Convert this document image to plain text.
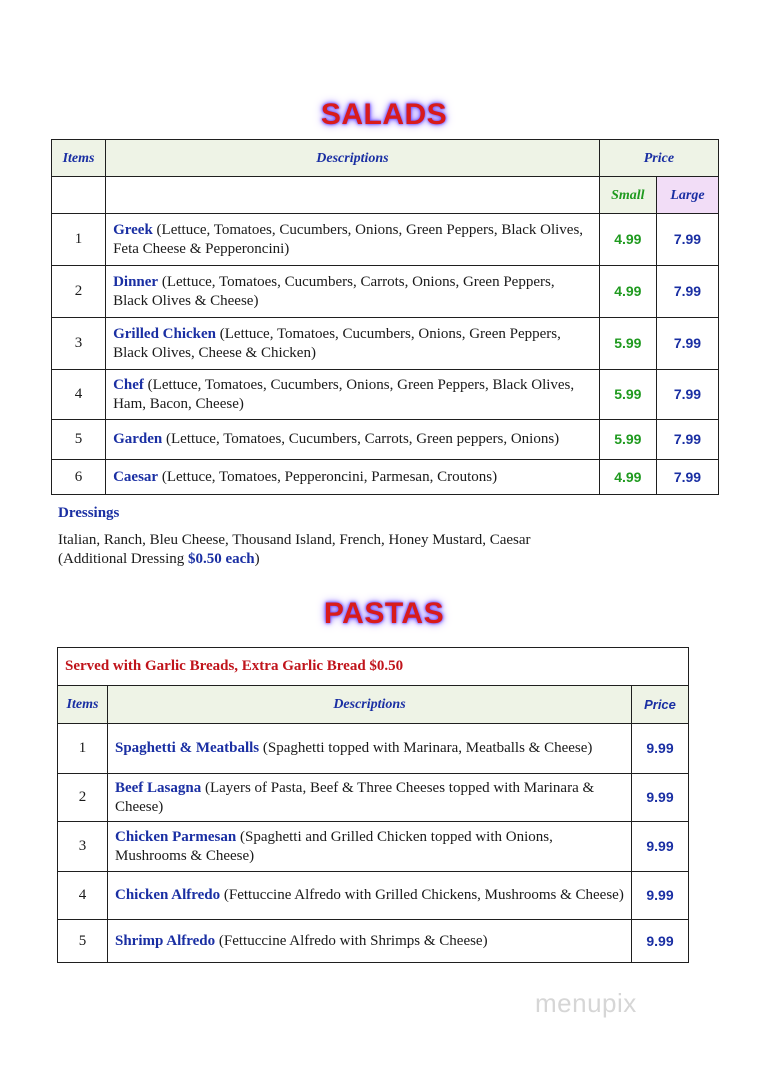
SALADS
Items	Descriptions	Price	
		Small	Large
1	Greek (Lettuce, Tomatoes, Cucumbers, Onions, Green Peppers, Black Olives, Feta Cheese & Pepperoncini)	4.99	7.99
2	Dinner (Lettuce, Tomatoes, Cucumbers, Carrots, Onions, Green Peppers, Black Olives & Cheese)	4.99	7.99
3	Grilled Chicken (Lettuce, Tomatoes, Cucumbers, Onions, Green Peppers, Black Olives, Cheese & Chicken)	5.99	7.99
4	Chef (Lettuce, Tomatoes, Cucumbers, Onions, Green Peppers, Black Olives, Ham, Bacon, Cheese)	5.99	7.99
5	Garden (Lettuce, Tomatoes, Cucumbers, Carrots, Green peppers, Onions)	5.99	7.99
6	Caesar (Lettuce, Tomatoes, Pepperoncini, Parmesan, Croutons)	4.99	7.99
Dressings
Italian, Ranch, Bleu Cheese, Thousand Island, French, Honey Mustard, Caesar
(Additional Dressing $0.50 each)
PASTAS
Served with Garlic Breads, Extra Garlic Bread $0.50		
Items	Descriptions	Price
1	Spaghetti & Meatballs (Spaghetti topped with Marinara, Meatballs & Cheese)	9.99
2	Beef Lasagna (Layers of Pasta, Beef & Three Cheeses topped with Marinara & Cheese)	9.99
3	Chicken Parmesan (Spaghetti and Grilled Chicken topped with Onions, Mushrooms & Cheese)	9.99
4	Chicken Alfredo (Fettuccine Alfredo with Grilled Chickens, Mushrooms & Cheese)	9.99
5	Shrimp Alfredo (Fettuccine Alfredo with Shrimps & Cheese)	9.99
menupix
